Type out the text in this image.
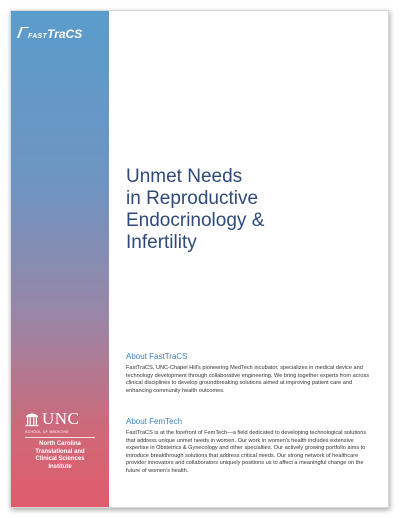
FAST TraCS
UNC
SCHOOL OF MEDICINE
North Carolina
Translational and
Clinical Sciences
Institute
Unmet Needs
in Reproductive
Endocrinology &
Infertility
About FastTraCS
FastTraCS, UNC-Chapel Hill's pioneering MedTech incubator, specializes in medical device and technology development through collaborative engineering. We bring together experts from across clinical disciplines to develop groundbreaking solutions aimed at improving patient care and enhancing community health outcomes.
About FemTech
FastTraCS is at the forefront of FemTech—a field dedicated to developing technological solutions that address unique unmet needs in women. Our work in women's health includes extensive expertise in Obstetrics & Gynecology and other specialties. Our actively growing portfolio aims to introduce breakthrough solutions that address critical needs. Our strong network of healthcare provider innovators and collaborators uniquely positions us to affect a meaningful change on the future of women's health.
